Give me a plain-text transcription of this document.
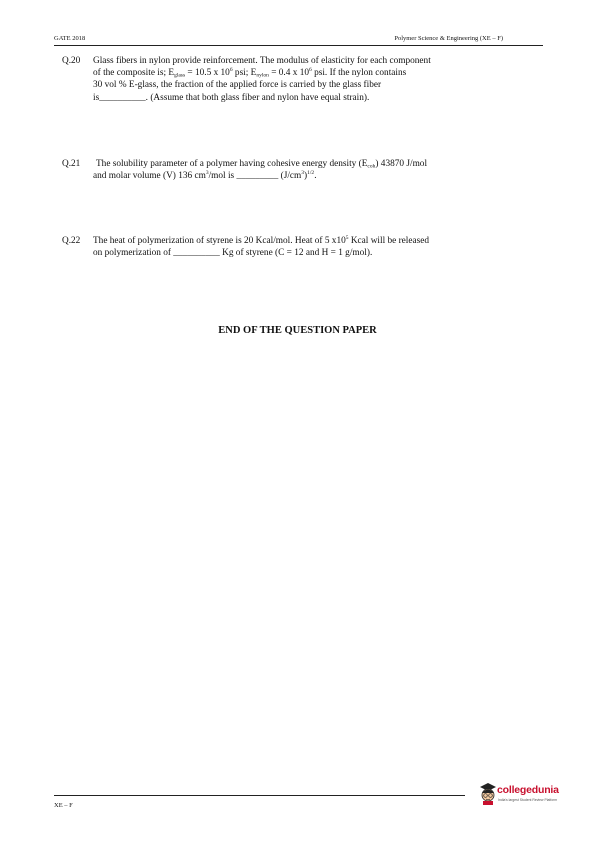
GATE 2018	Polymer Science & Engineering (XE – F)
Q.20 Glass fibers in nylon provide reinforcement. The modulus of elasticity for each component
of the composite is; $E_{glass} = 10.5$ x $10^6$ psi; $E_{nylon} = 0.4$ x $10^6$ psi. If the nylon contains
30 vol % E-glass, the fraction of the applied force is carried by the glass fiber
is__________. (Assume that both glass fiber and nylon have equal strain).
Q.21 The solubility parameter of a polymer having cohesive energy density $(E_{coh})$ 43870 J/mol
and molar volume (V) 136 $cm^3$/mol is _________ $(J/cm^3)^{1/2}$.
Q.22 The heat of polymerization of styrene is 20 Kcal/mol. Heat of 5 $x10^5$ Kcal will be released
on polymerization of __________ Kg of styrene (C = 12 and H = 1 g/mol).
END OF THE QUESTION PAPER
XE – F
collegedunia
India's largest Student Review Platform
